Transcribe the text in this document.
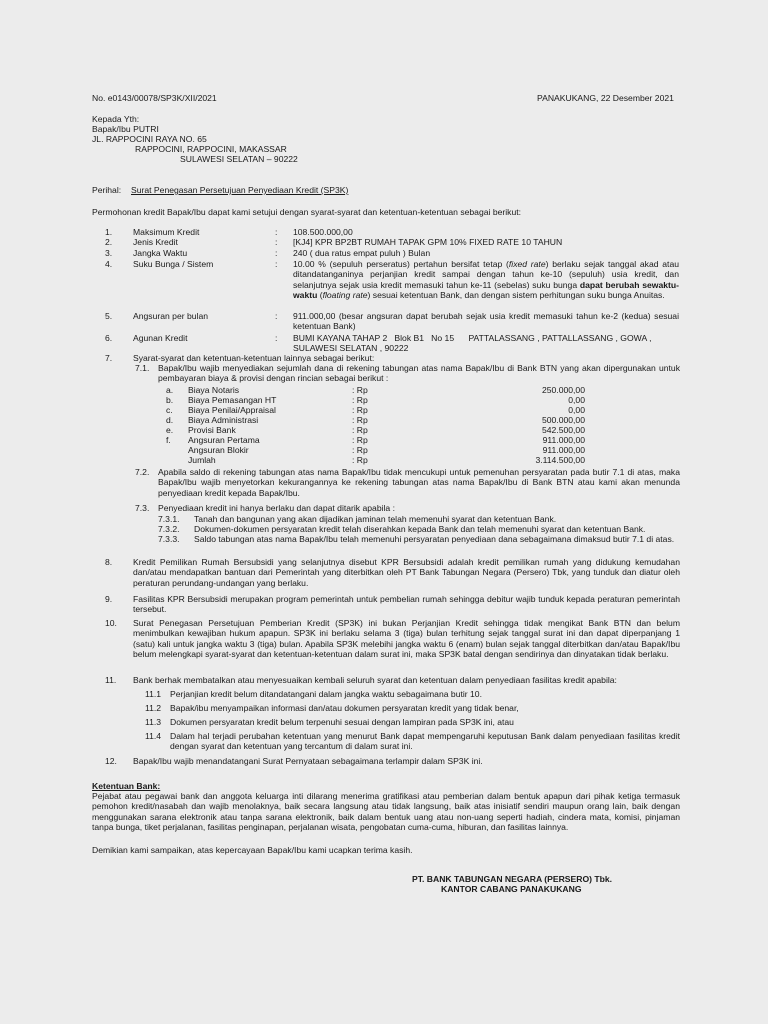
No. e0143/00078/SP3K/XII/2021	PANAKUKANG, 22 Desember 2021
Kepada Yth:
Bapak/Ibu PUTRI
JL. RAPPOCINI RAYA NO. 65
RAPPOCINI, RAPPOCINI, MAKASSAR
SULAWESI SELATAN – 90222
Perihal: Surat Penegasan Persetujuan Penyediaan Kredit (SP3K)
Permohonan kredit Bapak/Ibu dapat kami setujui dengan syarat-syarat dan ketentuan-ketentuan sebagai berikut:
1. Maksimum Kredit	: 108.500.000,00
2. Jenis Kredit	: [KJ4] KPR BP2BT RUMAH TAPAK GPM 10% FIXED RATE 10 TAHUN
3. Jangka Waktu	: 240 ( dua ratus empat puluh ) Bulan
4. Suku Bunga / Sistem	: 10.00 % (sepuluh perseratus) pertahun bersifat tetap (fixed rate) berlaku sejak tanggal akad atau ditandatanganinya perjanjian kredit sampai dengan tahun ke-10 (sepuluh) usia kredit, dan selanjutnya sejak usia kredit memasuki tahun ke-11 (sebelas) suku bunga dapat berubah sewaktu-waktu (floating rate) sesuai ketentuan Bank, dan dengan sistem perhitungan suku bunga Anuitas.
5. Angsuran per bulan	: 911.000,00 (besar angsuran dapat berubah sejak usia kredit memasuki tahun ke-2 (kedua) sesuai ketentuan Bank)
6. Agunan Kredit	: BUMI KAYANA TAHAP 2   Blok B1   No 15      PATTALASSANG , PATTALLASSANG , GOWA , SULAWESI SELATAN , 90222
7. Syarat-syarat dan ketentuan-ketentuan lainnya sebagai berikut:
7.1. Bapak/Ibu wajib menyediakan sejumlah dana di rekening tabungan atas nama Bapak/Ibu di Bank BTN yang akan dipergunakan untuk pembayaran biaya & provisi dengan rincian sebagai berikut :
a. Biaya Notaris	: Rp	250.000,00
b. Biaya Pemasangan HT	: Rp	0,00
c. Biaya Penilai/Appraisal	: Rp	0,00
d. Biaya Administrasi	: Rp	500.000,00
e. Provisi Bank	: Rp	542.500,00
f. Angsuran Pertama	: Rp	911.000,00
Angsuran Blokir	: Rp	911.000,00
Jumlah	: Rp	3.114.500,00
7.2. Apabila saldo di rekening tabungan atas nama Bapak/Ibu tidak mencukupi untuk pemenuhan persyaratan pada butir 7.1 di atas, maka Bapak/Ibu wajib menyetorkan kekurangannya ke rekening tabungan atas nama Bapak/Ibu di Bank BTN atau kami akan menunda penyediaan kredit kepada Bapak/Ibu.
7.3. Penyediaan kredit ini hanya berlaku dan dapat ditarik apabila :
7.3.1. Tanah dan bangunan yang akan dijadikan jaminan telah memenuhi syarat dan ketentuan Bank.
7.3.2. Dokumen-dokumen persyaratan kredit telah diserahkan kepada Bank dan telah memenuhi syarat dan ketentuan Bank.
7.3.3. Saldo tabungan atas nama Bapak/Ibu telah memenuhi persyaratan penyediaan dana sebagaimana dimaksud butir 7.1 di atas.
8. Kredit Pemilikan Rumah Bersubsidi yang selanjutnya disebut KPR Bersubsidi adalah kredit pemilikan rumah yang didukung kemudahan dan/atau mendapatkan bantuan dari Pemerintah yang diterbitkan oleh PT Bank Tabungan Negara (Persero) Tbk, yang tunduk dan diatur oleh peraturan perundang-undangan yang berlaku.
9. Fasilitas KPR Bersubsidi merupakan program pemerintah untuk pembelian rumah sehingga debitur wajib tunduk kepada peraturan pemerintah tersebut.
10. Surat Penegasan Persetujuan Pemberian Kredit (SP3K) ini bukan Perjanjian Kredit sehingga tidak mengikat Bank BTN dan belum menimbulkan kewajiban hukum apapun. SP3K ini berlaku selama 3 (tiga) bulan terhitung sejak tanggal surat ini dan dapat diperpanjang 1 (satu) kali untuk jangka waktu 3 (tiga) bulan. Apabila SP3K melebihi jangka waktu 6 (enam) bulan sejak tanggal diterbitkan dan/atau Bapak/Ibu belum melengkapi syarat-syarat dan ketentuan-ketentuan dalam surat ini, maka SP3K batal dengan sendirinya dan dinyatakan tidak berlaku.
11. Bank berhak membatalkan atau menyesuaikan kembali seluruh syarat dan ketentuan dalam penyediaan fasilitas kredit apabila:
11.1 Perjanjian kredit belum ditandatangani dalam jangka waktu sebagaimana butir 10.
11.2 Bapak/ibu menyampaikan informasi dan/atau dokumen persyaratan kredit yang tidak benar,
11.3 Dokumen persyaratan kredit belum terpenuhi sesuai dengan lampiran pada SP3K ini, atau
11.4 Dalam hal terjadi perubahan ketentuan yang menurut Bank dapat mempengaruhi keputusan Bank dalam penyediaan fasilitas kredit dengan syarat dan ketentuan yang tercantum di dalam surat ini.
12. Bapak/Ibu wajib menandatangani Surat Pernyataan sebagaimana terlampir dalam SP3K ini.
Ketentuan Bank:
Pejabat atau pegawai bank dan anggota keluarga inti dilarang menerima gratifikasi atau pemberian dalam bentuk apapun dari pihak ketiga termasuk pemohon kredit/nasabah dan wajib menolaknya, baik secara langsung atau tidak langsung, baik atas inisiatif sendiri maupun orang lain, baik dengan menggunakan sarana elektronik atau tanpa sarana elektronik, baik dalam bentuk uang atau non-uang seperti hadiah, cindera mata, komisi, pinjaman tanpa bunga, tiket perjalanan, fasilitas penginapan, perjalanan wisata, pengobatan cuma-cuma, hiburan, dan fasilitas lainnya.
Demikian kami sampaikan, atas kepercayaan Bapak/Ibu kami ucapkan terima kasih.
PT. BANK TABUNGAN NEGARA (PERSERO) Tbk.
KANTOR CABANG PANAKUKANG
